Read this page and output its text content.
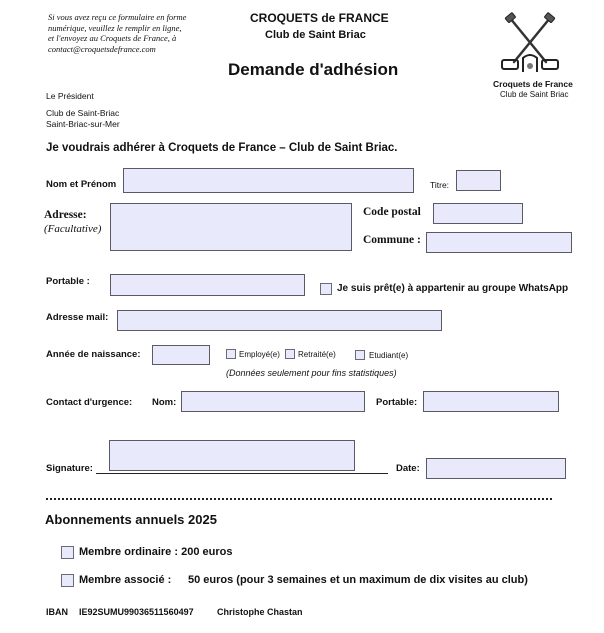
Si vous avez reçu ce formulaire en forme
numérique, veuillez le remplir en ligne,
et l'envoyez au Croquets de France, à
contact@croquetsdefrance.com
CROQUETS de FRANCE
Club de Saint Briac
Demande d'adhésion
Croquets de France
Club de Saint Briac
Le Président
Club de Saint-Briac
Saint-Briac-sur-Mer
Je voudrais adhérer à Croquets de France – Club de Saint Briac.
Nom et Prénom	Titre:
Adresse:
(Facultative)
Code postal
Commune :
Portable :
Je suis prêt(e) à appartenir au groupe WhatsApp
Adresse mail:
Année de naissance:	Employé(e) Retraité(e)	Etudiant(e)
(Données seulement pour fins statistiques)
Contact d'urgence: Nom:	Portable:
Signature:	Date:
Abonnements annuels 2025
Membre ordinaire : 200 euros
Membre associé : 50 euros (pour 3 semaines et un maximum de dix visites au club)
IBAN IE92SUMU99036511560497	Christophe Chastan
